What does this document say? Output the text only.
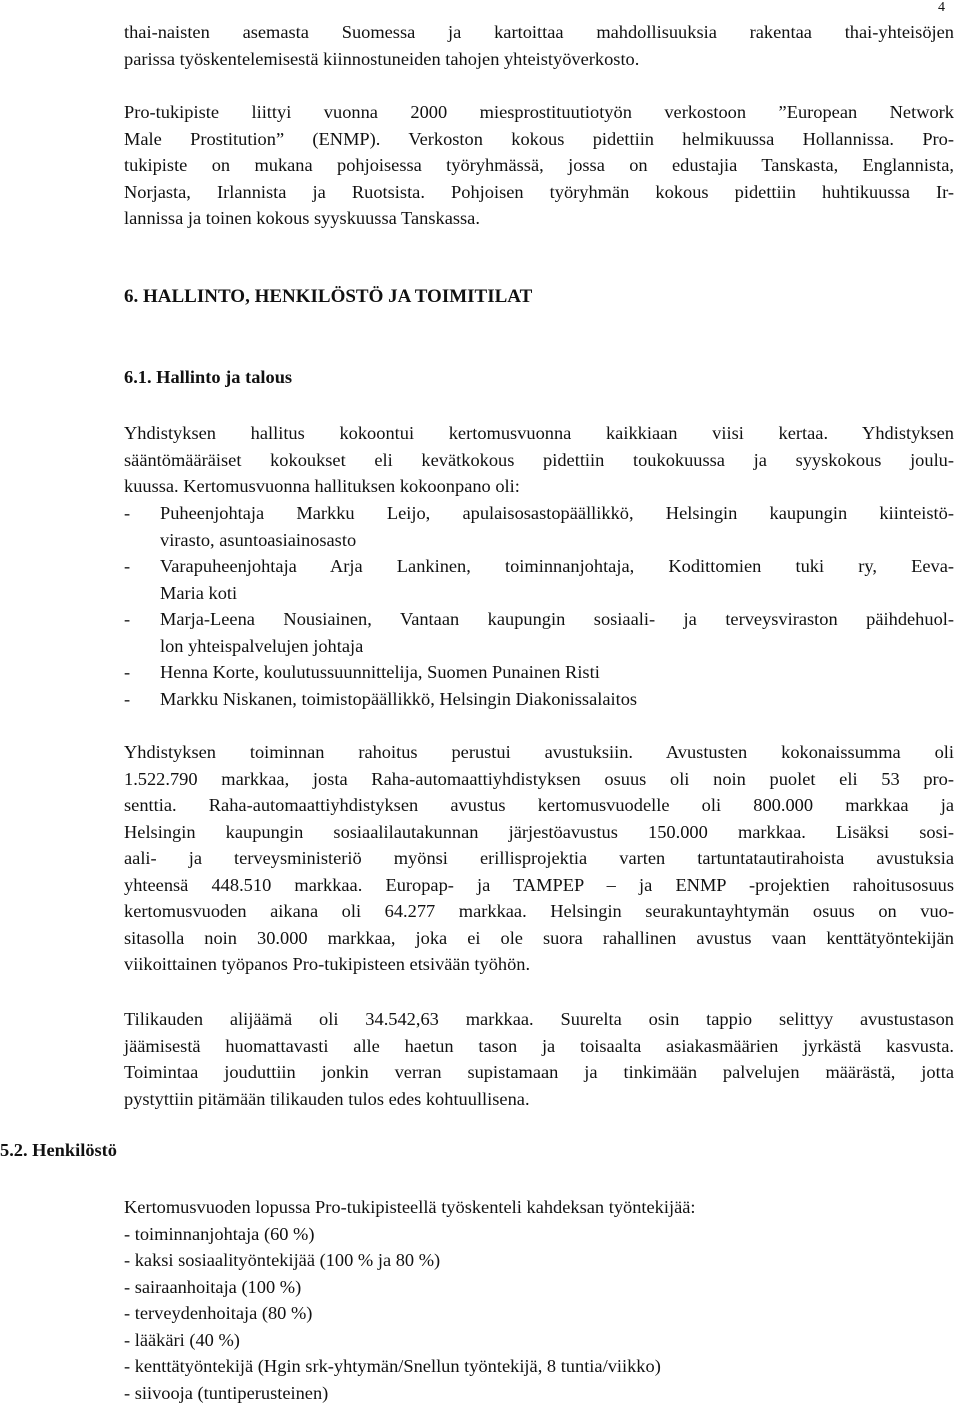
4
thai-naisten asemasta Suomessa ja kartoittaa mahdollisuuksia rakentaa thai-yhteisöjen
parissa työskentelemisestä kiinnostuneiden tahojen yhteistyöverkosto.
Pro-tukipiste liittyi vuonna 2000 miesprostituutiotyön verkostoon ”European Network
Male Prostitution” (ENMP). Verkoston kokous pidettiin helmikuussa Hollannissa. Pro-
tukipiste on mukana pohjoisessa työryhmässä, jossa on edustajia Tanskasta, Englannista,
Norjasta, Irlannista ja Ruotsista. Pohjoisen työryhmän kokous pidettiin huhtikuussa Ir-
lannissa ja toinen kokous syyskuussa Tanskassa.
6. HALLINTO, HENKILÖSTÖ JA TOIMITILAT
6.1. Hallinto ja talous
Yhdistyksen hallitus kokoontui kertomusvuonna kaikkiaan viisi kertaa. Yhdistyksen
sääntömääräiset kokoukset eli kevätkokous pidettiin toukokuussa ja syyskokous joulu-
kuussa. Kertomusvuonna hallituksen kokoonpano oli:
- Puheenjohtaja Markku Leijo, apulaisosastopäällikkö, Helsingin kaupungin kiinteistö-
virasto, asuntoasiainosasto
- Varapuheenjohtaja Arja Lankinen, toiminnanjohtaja, Kodittomien tuki ry, Eeva-
Maria koti
- Marja-Leena Nousiainen, Vantaan kaupungin sosiaali- ja terveysviraston päihdehuol-
lon yhteispalvelujen johtaja
- Henna Korte, koulutussuunnittelija, Suomen Punainen Risti
- Markku Niskanen, toimistopäällikkö, Helsingin Diakonissalaitos
Yhdistyksen toiminnan rahoitus perustui avustuksiin. Avustusten kokonaissumma oli
1.522.790 markkaa, josta Raha-automaattiyhdistyksen osuus oli noin puolet eli 53 pro-
senttia. Raha-automaattiyhdistyksen avustus kertomusvuodelle oli 800.000 markkaa ja
Helsingin kaupungin sosiaalilautakunnan järjestöavustus 150.000 markkaa. Lisäksi sosi-
aali- ja terveysministeriö myönsi erillisprojektia varten tartuntatautirahoista avustuksia
yhteensä 448.510 markkaa. Europap- ja TAMPEP – ja ENMP -projektien rahoitusosuus
kertomusvuoden aikana oli 64.277 markkaa. Helsingin seurakuntayhtymän osuus on vuo-
sitasolla noin 30.000 markkaa, joka ei ole suora rahallinen avustus vaan kenttätyöntekijän
viikoittainen työpanos Pro-tukipisteen etsivään työhön.
Tilikauden alijäämä oli 34.542,63 markkaa. Suurelta osin tappio selittyy avustustason
jäämisestä huomattavasti alle haetun tason ja toisaalta asiakasmäärien jyrkästä kasvusta.
Toimintaa jouduttiin jonkin verran supistamaan ja tinkimään palvelujen määrästä, jotta
pystyttiin pitämään tilikauden tulos edes kohtuullisena.
5.2. Henkilöstö
Kertomusvuoden lopussa Pro-tukipisteellä työskenteli kahdeksan työntekijää:
- toiminnanjohtaja (60 %)
- kaksi sosiaalityöntekijää (100 % ja 80 %)
- sairaanhoitaja (100 %)
- terveydenhoitaja (80 %)
- lääkäri (40 %)
- kenttätyöntekijä (Hgin srk-yhtymän/Snellun työntekijä, 8 tuntia/viikko)
- siivooja (tuntiperusteinen)
